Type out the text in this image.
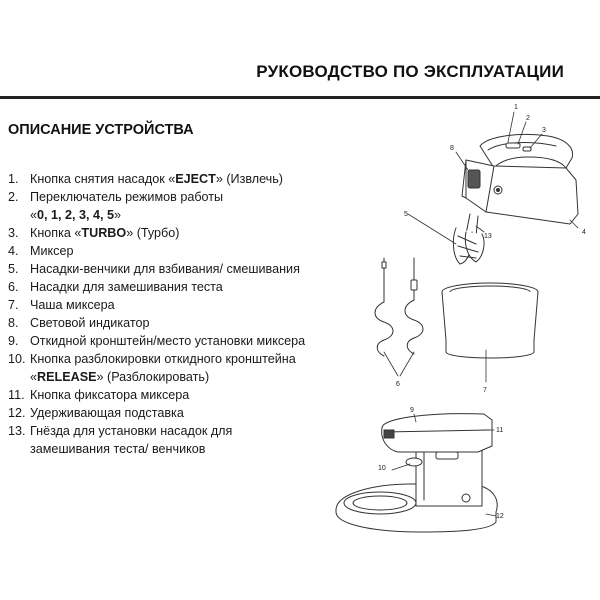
РУКОВОДСТВО ПО ЭКСПЛУАТАЦИИ
ОПИСАНИЕ УСТРОЙСТВА
1. Кнопка снятия насадок «EJECT» (Извлечь)
2. Переключатель режимов работы
«0, 1, 2, 3, 4, 5»
3. Кнопка «TURBO» (Турбо)
4. Миксер
5. Насадки-венчики для взбивания/ смешивания
6. Насадки для замешивания теста
7. Чаша миксера
8. Световой индикатор
9. Откидной кронштейн/место установки миксера
10. Кнопка разблокировки откидного кронштейна
«RELEASE» (Разблокировать)
11. Кнопка фиксатора миксера
12. Удерживающая подставка
13. Гнёзда для установки насадок для
замешивания теста/ венчиков
1
2
3
4
5
6
7
8
9
10
11
12
13
